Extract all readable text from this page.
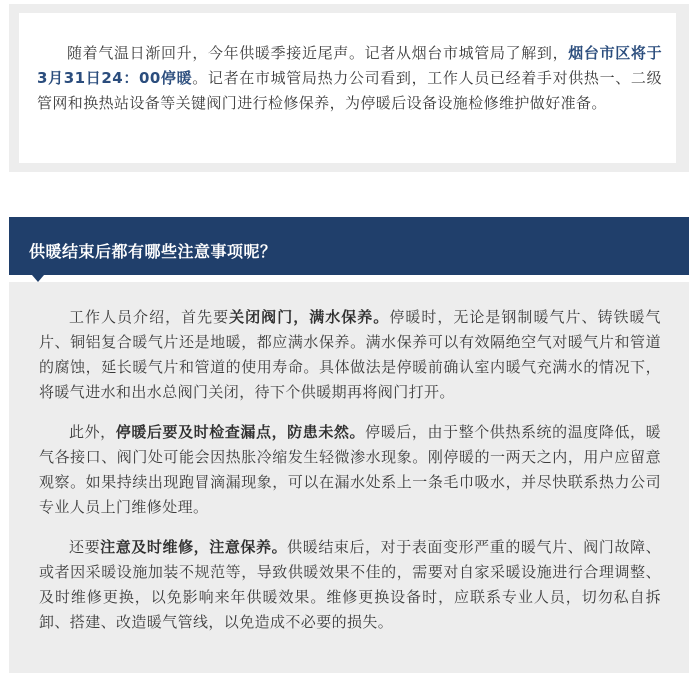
随着气温日渐回升，今年供暖季接近尾声。记者从烟台市城管局了解到，烟台市区将于3月31日24：00停暖。记者在市城管局热力公司看到，工作人员已经着手对供热一、二级管网和换热站设备等关键阀门进行检修保养，为停暖后设备设施检修维护做好准备。

供暖结束后都有哪些注意事项呢？

工作人员介绍，首先要关闭阀门，满水保养。停暖时，无论是钢制暖气片、铸铁暖气片、铜铝复合暖气片还是地暖，都应满水保养。满水保养可以有效隔绝空气对暖气片和管道的腐蚀，延长暖气片和管道的使用寿命。具体做法是停暖前确认室内暖气充满水的情况下，将暖气进水和出水总阀门关闭，待下个供暖期再将阀门打开。

此外，停暖后要及时检查漏点，防患未然。停暖后，由于整个供热系统的温度降低，暖气各接口、阀门处可能会因热胀冷缩发生轻微渗水现象。刚停暖的一两天之内，用户应留意观察。如果持续出现跑冒滴漏现象，可以在漏水处系上一条毛巾吸水，并尽快联系热力公司专业人员上门维修处理。

还要注意及时维修，注意保养。供暖结束后，对于表面变形严重的暖气片、阀门故障、或者因采暖设施加装不规范等，导致供暖效果不佳的，需要对自家采暖设施进行合理调整、及时维修更换，以免影响来年供暖效果。维修更换设备时，应联系专业人员，切勿私自拆卸、搭建、改造暖气管线，以免造成不必要的损失。
